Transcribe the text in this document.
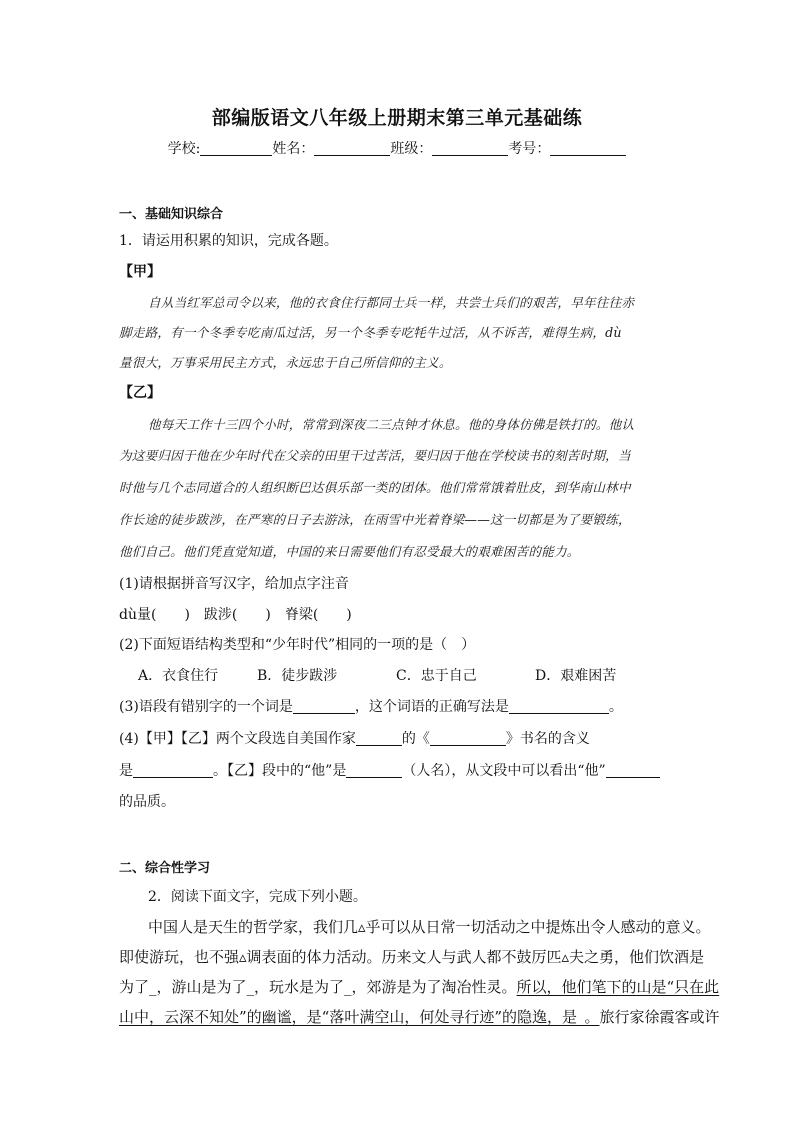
部编版语文八年级上册期末第三单元基础练
学校:	姓名：	班级：	考号：
一、基础知识综合
1．请运用积累的知识，完成各题。
【甲】
自从当红军总司令以来，他的衣食住行都同士兵一样，共尝士兵们的艰苦，早年往往赤
脚走路，有一个冬季专吃南瓜过活，另一个冬季专吃牦牛过活，从不诉苦，难得生病，dù
量很大，万事采用民主方式，永远忠于自己所信仰的主义。
【乙】
他每天工作十三四个小时，常常到深夜二三点钟才休息。他的身体仿佛是铁打的。他认
为这要归因于他在少年时代在父亲的田里干过苦活，要归因于他在学校读书的刻苦时期，当
时他与几个志同道合的人组织断巴达俱乐部一类的团体。他们常常饿着肚皮，到华南山林中
作长途的徒步跋涉，在严寒的日子去游泳，在雨雪中光着脊梁——这一切都是为了要锻练，
他们自己。他们凭直觉知道，中国的来日需要他们有忍受最大的艰难困苦的能力。
(1)请根据拼音写汉字，给加点字注音
dù量(　　)　跋涉(　　)　脊梁(　　)
(2)下面短语结构类型和“少年时代”相同的一项的是（　）
A．衣食住行	B．徒步跋涉	C．忠于自己	D．艰难困苦
(3)语段有错别字的一个词是	，这个词语的正确写法是	。
(4)【甲】【乙】两个文段选自美国作家	的《	》书名的含义
是	。【乙】段中的“他”是	（人名），从文段中可以看出“他”
的品质。
二、综合性学习
2．阅读下面文字，完成下列小题。
中国人是天生的哲学家，我们几▵乎可以从日常一切活动之中提炼出令人感动的意义。
即使游玩，也不强▵调表面的体力活动。历来文人与武人都不鼓厉匹▵夫之勇，他们饮酒是
为了_，游山是为了_，玩水是为了_，郊游是为了淘冶性灵。所以，他们笔下的山是“只在此
山中，云深不知处”的幽谧，是“落叶满空山，何处寻行迹”的隐逸，是_。旅行家徐霞客或许
